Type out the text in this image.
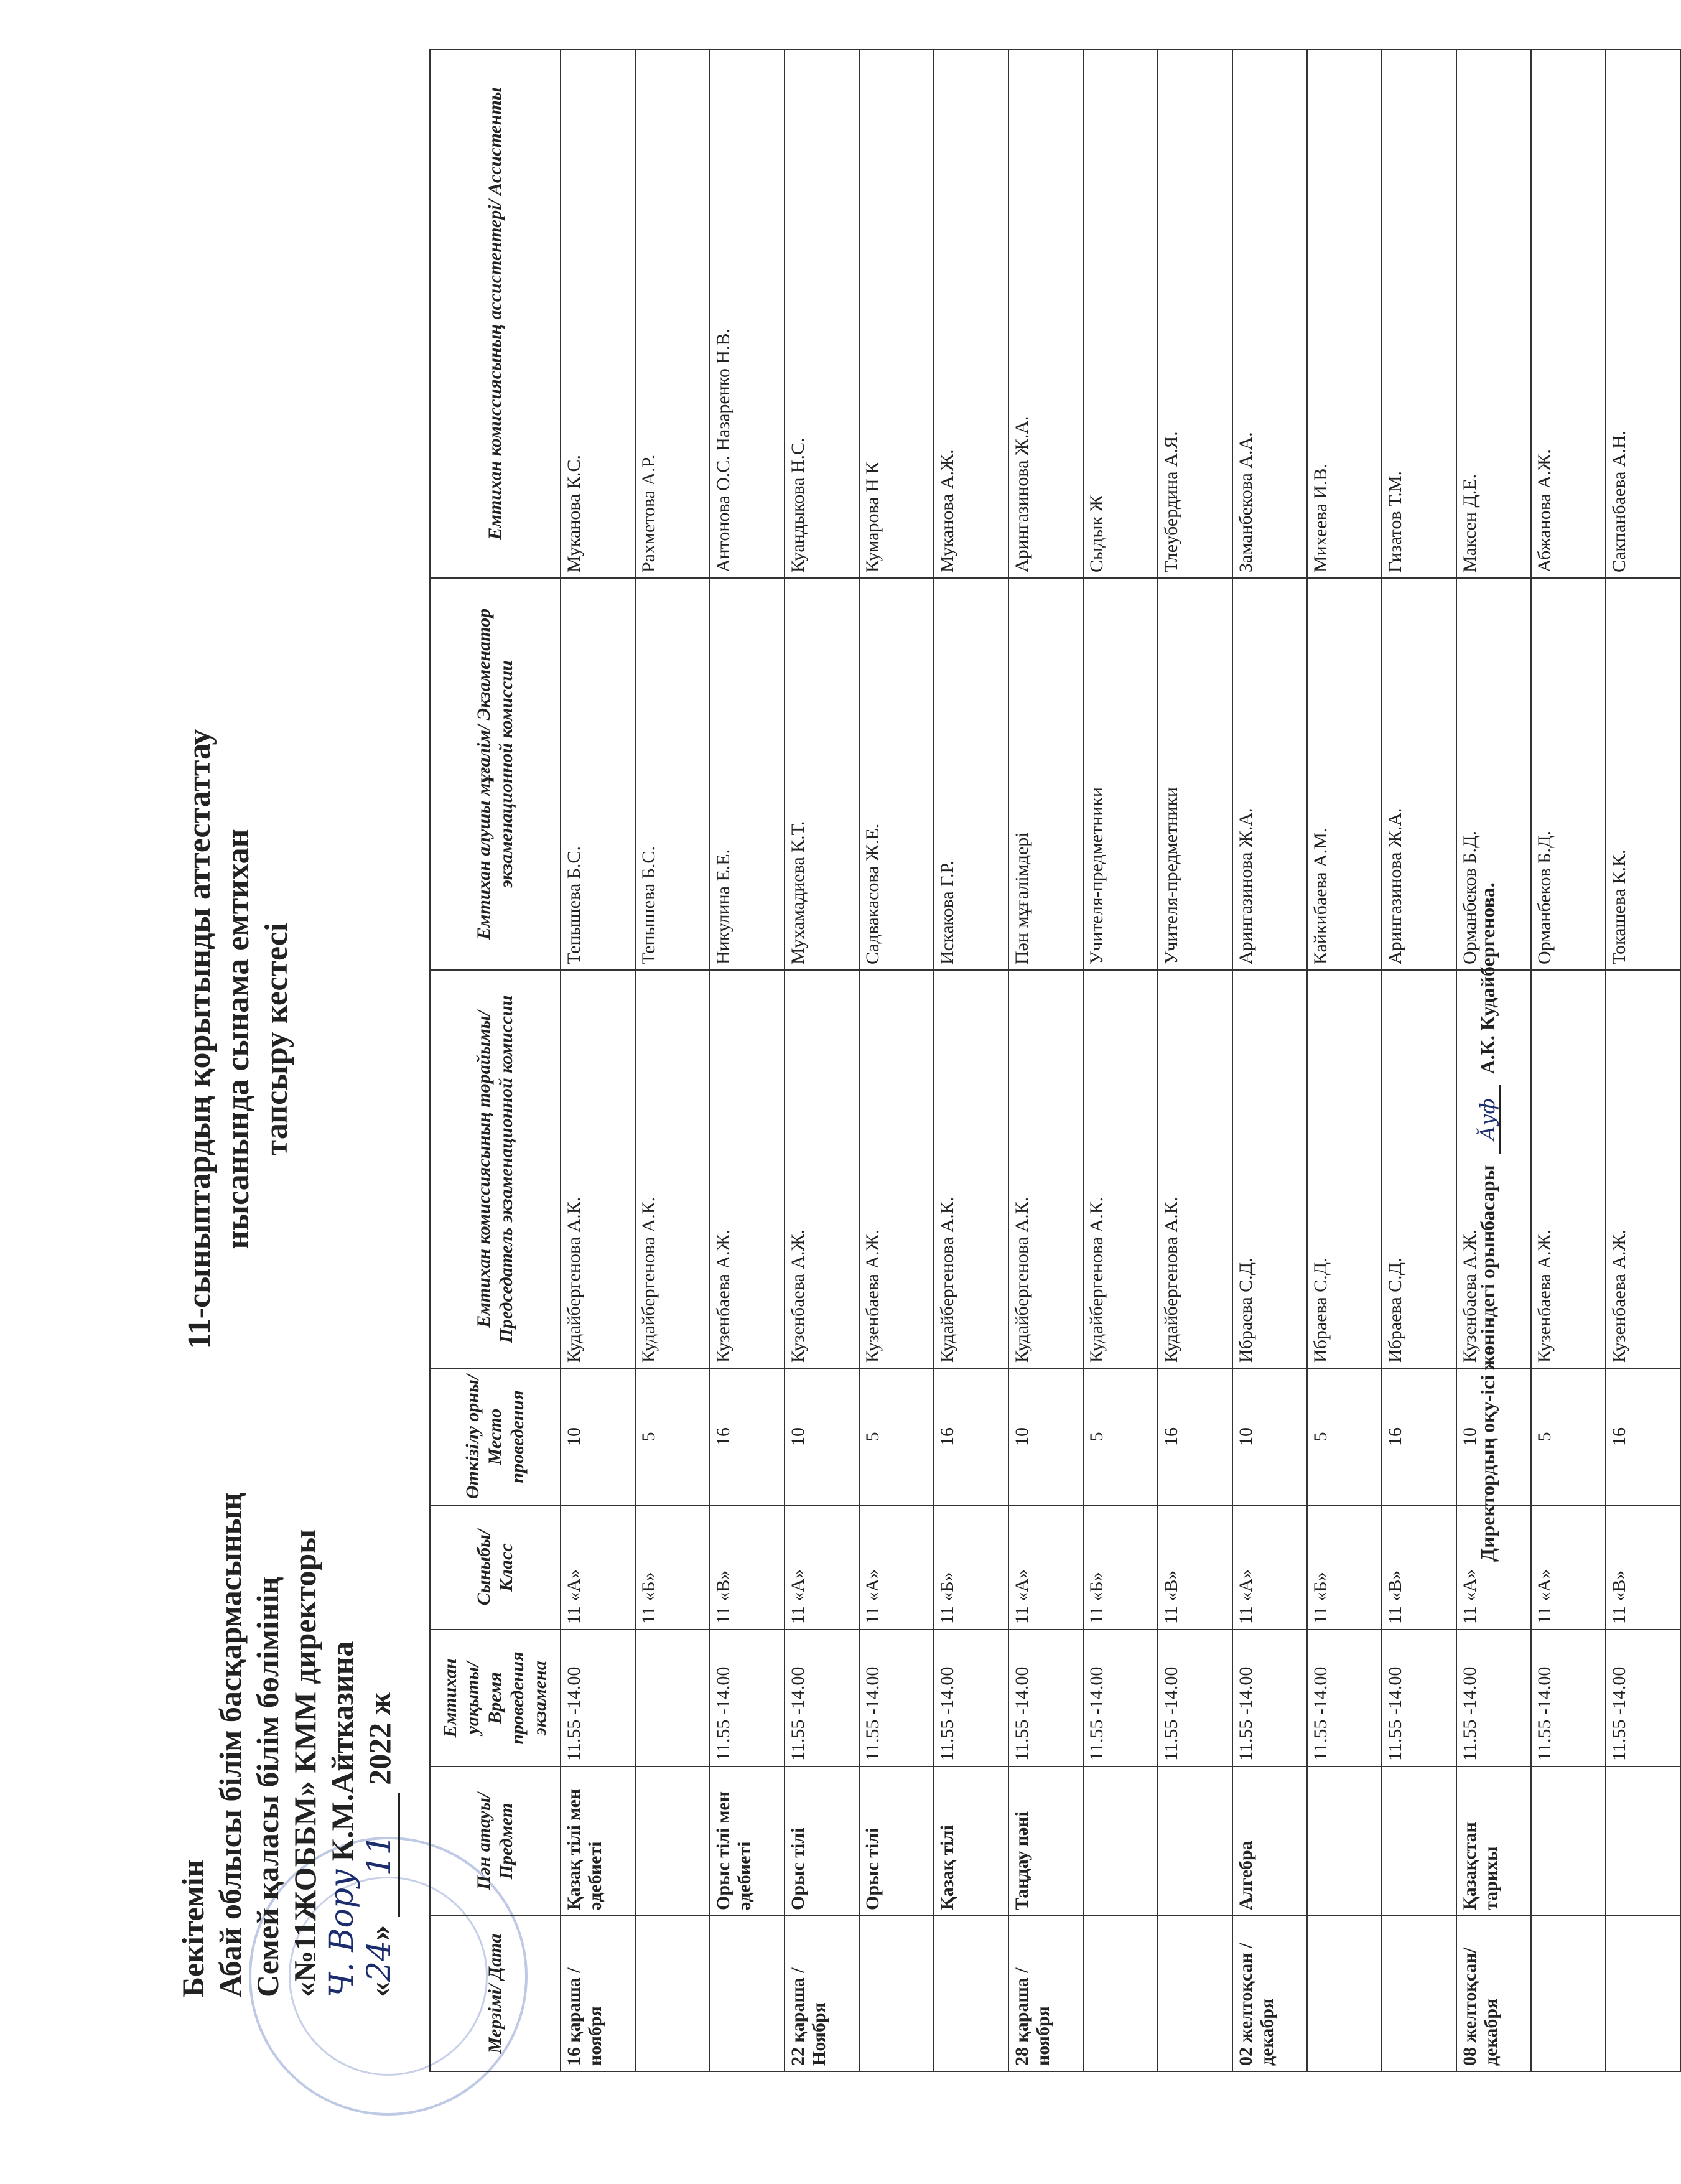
Бекітемін Абай облысы білім басқармасының Семей қаласы білім бөлімінің «№11ЖОББМ» КММ директоры Ч. Вору К.М.Айтказина
«24» 11 2022 ж
11-сыныптардың қорытынды аттестаттау нысанында сынама емтихан тапсыру кестесі
Мерзімі/ Дата	Пән атауы/ Предмет	Емтихан уақыты/ Время проведения экзамена	Сыныбы/ Класс	Өткізілу орны/ Место проведения	Емтихан комиссиясының төрайымы/ Председатель экзаменационной комиссии	Емтихан алушы мұғалім/ Экзаменатор экзаменационной комиссии	Емтихан комиссиясының ассистентері/ Ассистенты
16 қараша / ноября	Қазақ тілі мен әдебиеті	11.55 -14.00	11 «А»	10	Кудайбергенова А.К.	Тепышева Б.С.	Муканова К.С.
			11 «Б»	5	Кудайбергенова А.К.	Тепышева Б.С.	Рахметова А.Р.
	Орыс тілі мен әдебиеті	11.55 -14.00	11 «В»	16	Кузенбаева А.Ж.	Никулина Е.Е.	Антонова О.С. Назаренко Н.В.
22 қараша / Ноября	Орыс тілі	11.55 -14.00	11 «А»	10	Кузенбаева А.Ж.	Мухамадиева К.Т.	Куандыкова Н.С.
	Орыс тілі	11.55 -14.00	11 «А»	5	Кузенбаева А.Ж.	Садвакасова Ж.Е.	Кумарова Н К
	Қазақ тілі	11.55 -14.00	11 «Б»	16	Кудайбергенова А.К.	Искакова Г.Р.	Муканова А.Ж.
28 қараша / ноября	Таңдау пәні	11.55 -14.00	11 «А»	10	Кудайбергенова А.К.	Пән мұғалімдері	Арингазинова Ж.А.
		11.55 -14.00	11 «Б»	5	Кудайбергенова А.К.	Учителя-предметники	Сыдык Ж
		11.55 -14.00	11 «В»	16	Кудайбергенова А.К.	Учителя-предметники	Тлеубердина А.Я.
02 желтоқсан / декабря	Алгебра	11.55 -14.00	11 «А»	10	Ибраева С.Д.	Арингазинова Ж.А.	Заманбекова А.А.
		11.55 -14.00	11 «Б»	5	Ибраева С.Д.	Кайкибаева А.М.	Михеева И.В.
		11.55 -14.00	11 «В»	16	Ибраева С.Д.	Арингазинова Ж.А.	Гизатов Т.М.
08 желтоқсан/ декабря	Қазақстан тарихы	11.55 -14.00	11 «А»	10	Кузенбаева А.Ж.	Орманбеков Б.Д.	Максен Д.Е.
		11.55 -14.00	11 «А»	5	Кузенбаева А.Ж.	Орманбеков Б.Д.	Абжанова А.Ж.
		11.55 -14.00	11 «В»	16	Кузенбаева А.Ж.	Токашева К.К.	Сакпанбаева А.Н.
Директордың оқу-ісі жөніндегі орынбасары Ӑуф А.К. Кудайбергенова.
